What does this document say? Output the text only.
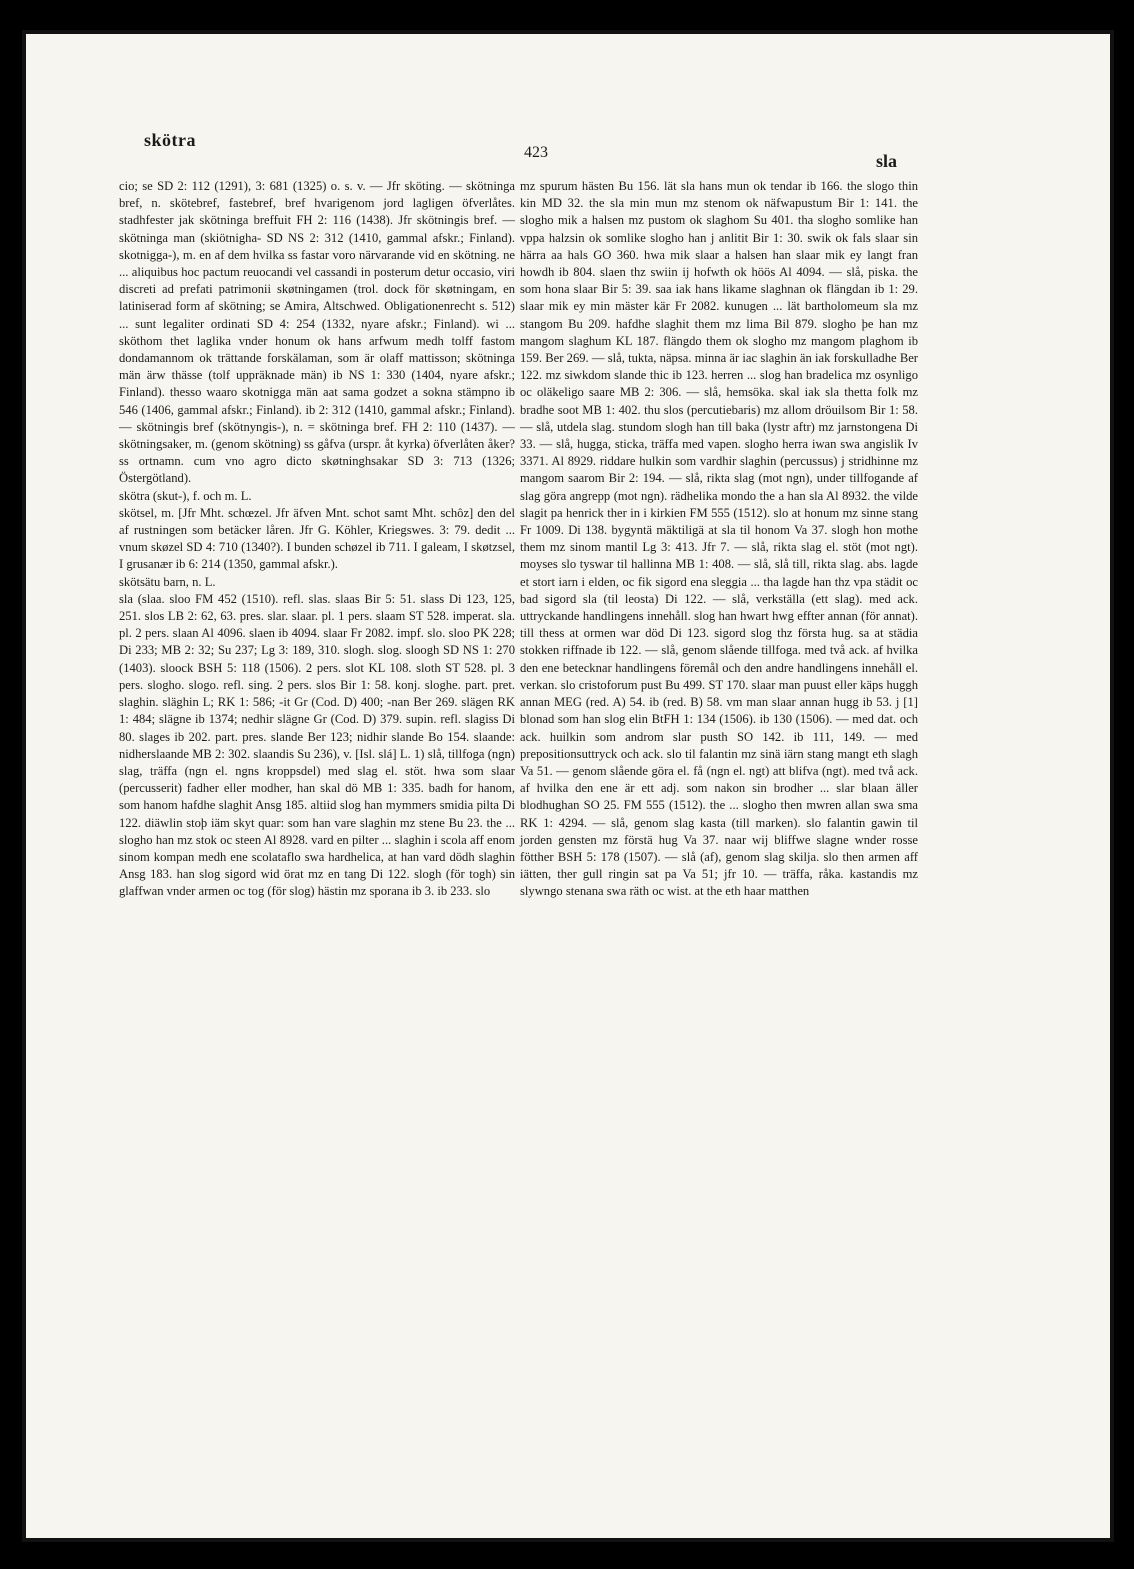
skötra
423	sla

cio; se SD 2: 112 (1291), 3: 681 (1325) o. s. v. — Jfr sköting. — skötninga bref, n. skötebref, fastebref, bref hvarigenom jord lagligen öfverlåtes. stadhfester jak skötninga breffuit FH 2: 116 (1438). Jfr skötningis bref. — skötninga man (skiötnigha- SD NS 2: 312 (1410, gammal afskr.; Finland). skotnigga-), m. en af dem hvilka ss fastar voro närvarande vid en skötning. ne ... aliquibus hoc pactum reuocandi vel cassandi in posterum detur occasio, viri discreti ad prefati patrimonii skøtningamen (trol. dock för skøtningam, en latiniserad form af skötning; se Amira, Altschwed. Obligationenrecht s. 512) ... sunt legaliter ordinati SD 4: 254 (1332, nyare afskr.; Finland). wi ... sköthom thet laglika vnder honum ok hans arfwum medh tolff fastom dondamannom ok trättande forskälaman, som är olaff mattisson; skötninga män ärw thässe (tolf uppräknade män) ib NS 1: 330 (1404, nyare afskr.; Finland). thesso waaro skotnigga män aat sama godzet a sokna stämpno ib 546 (1406, gammal afskr.; Finland). ib 2: 312 (1410, gammal afskr.; Finland). — skötningis bref (skötnyngis-), n. = skötninga bref. FH 2: 110 (1437). — skötningsaker, m. (genom skötning) ss gåfva (urspr. åt kyrka) öfverlåten åker? ss ortnamn. cum vno agro dicto skøtninghsakar SD 3: 713 (1326; Östergötland).

skötra (skut-), f. och m. L.

skötsel, m. [Jfr Mht. schœzel. Jfr äfven Mnt. schot samt Mht. schôz] den del af rustningen som betäcker låren. Jfr G. Köhler, Kriegswes. 3: 79. dedit ... vnum skøzel SD 4: 710 (1340?). I bunden schøzel ib 711. I galeam, I skøtzsel, I grusanær ib 6: 214 (1350, gammal afskr.).

skötsätu barn, n. L.

sla (slaa. sloo FM 452 (1510). refl. slas. slaas Bir 5: 51. slass Di 123, 125, 251. slos LB 2: 62, 63. pres. slar. slaar. pl. 1 pers. slaam ST 528. imperat. sla. pl. 2 pers. slaan Al 4096. slaen ib 4094. slaar Fr 2082. impf. slo. sloo PK 228; Di 233; MB 2: 32; Su 237; Lg 3: 189, 310. slogh. slog. sloogh SD NS 1: 270 (1403). sloock BSH 5: 118 (1506). 2 pers. slot KL 108. sloth ST 528. pl. 3 pers. slogho. slogo. refl. sing. 2 pers. slos Bir 1: 58. konj. sloghe. part. pret. slaghin. släghin L; RK 1: 586; -it Gr (Cod. D) 400; -nan Ber 269. slägen RK 1: 484; slägne ib 1374; nedhir slägne Gr (Cod. D) 379. supin. refl. slagiss Di 80. slages ib 202. part. pres. slande Ber 123; nidhir slande Bo 154. slaande: nidherslaande MB 2: 302. slaandis Su 236), v. [Isl. slá] L. 1) slå, tillfoga (ngn) slag, träffa (ngn el. ngns kroppsdel) med slag el. stöt. hwa som slaar (percusserit) fadher eller modher, han skal dö MB 1: 335. badh for hanom, som hanom hafdhe slaghit Ansg 185. altiid slog han mymmers smidia pilta Di 122. diäwlin stoþ iäm skyt quar: som han vare slaghin mz stene Bu 23. the ... slogho han mz stok oc steen Al 8928. vard en pilter ... slaghin i scola aff enom sinom kompan medh ene scolataflo swa hardhelica, at han vard dödh slaghin Ansg 183. han slog sigord wid örat mz en tang Di 122. slogh (för togh) sin glaffwan vnder armen oc tog (för slog) hästin mz sporana ib 3. ib 233. slo

mz spurum hästen Bu 156. lät sla hans mun ok tendar ib 166. the slogo thin kin MD 32. the sla min mun mz stenom ok näfwapustum Bir 1: 141. the slogho mik a halsen mz pustom ok slaghom Su 401. tha slogho somlike han vppa halzsin ok somlike slogho han j anlitit Bir 1: 30. swik ok fals slaar sin härra aa hals GO 360. hwa mik slaar a halsen han slaar mik ey langt fran howdh ib 804. slaen thz swiin ij hofwth ok höös Al 4094. — slå, piska. the som hona slaar Bir 5: 39. saa iak hans likame slaghnan ok flängdan ib 1: 29. slaar mik ey min mäster kär Fr 2082. kunugen ... lät bartholomeum sla mz stangom Bu 209. hafdhe slaghit them mz lima Bil 879. slogho þe han mz mangom slaghum KL 187. flängdo them ok slogho mz mangom plaghom ib 159. Ber 269. — slå, tukta, näpsa. minna är iac slaghin än iak forskulladhe Ber 122. mz siwkdom slande thic ib 123. herren ... slog han bradelica mz osynligo oc oläkeligo saare MB 2: 306. — slå, hemsöka. skal iak sla thetta folk mz bradhe soot MB 1: 402. thu slos (percutiebaris) mz allom dröuilsom Bir 1: 58. — slå, utdela slag. stundom slogh han till baka (lystr aftr) mz jarnstongena Di 33. — slå, hugga, sticka, träffa med vapen. slogho herra iwan swa angislik Iv 3371. Al 8929. riddare hulkin som vardhir slaghin (percussus) j stridhinne mz mangom saarom Bir 2: 194. — slå, rikta slag (mot ngn), under tillfogande af slag göra angrepp (mot ngn). rädhelika mondo the a han sla Al 8932. the vilde slagit pa henrick ther in i kirkien FM 555 (1512). slo at honum mz sinne stang Fr 1009. Di 138. bygyntä mäktiligä at sla til honom Va 37. slogh hon mothe them mz sinom mantil Lg 3: 413. Jfr 7. — slå, rikta slag el. stöt (mot ngt). moyses slo tyswar til hallinna MB 1: 408. — slå, slå till, rikta slag. abs. lagde et stort iarn i elden, oc fik sigord ena sleggia ... tha lagde han thz vpa städit oc bad sigord sla (til leosta) Di 122. — slå, verkställa (ett slag). med ack. uttryckande handlingens innehåll. slog han hwart hwg effter annan (för annat). till thess at ormen war död Di 123. sigord slog thz första hug. sa at städia stokken riffnade ib 122. — slå, genom slående tillfoga. med två ack. af hvilka den ene betecknar handlingens föremål och den andre handlingens innehåll el. verkan. slo cristoforum pust Bu 499. ST 170. slaar man puust eller käps huggh annan MEG (red. A) 54. ib (red. B) 58. vm man slaar annan hugg ib 53. j [1] blonad som han slog elin BtFH 1: 134 (1506). ib 130 (1506). — med dat. och ack. huilkin som androm slar pusth SO 142. ib 111, 149. — med prepositionsuttryck och ack. slo til falantin mz sinä iärn stang mangt eth slagh Va 51. — genom slående göra el. få (ngn el. ngt) att blifva (ngt). med två ack. af hvilka den ene är ett adj. som nakon sin brodher ... slar blaan äller blodhughan SO 25. FM 555 (1512). the ... slogho then mwren allan swa sma RK 1: 4294. — slå, genom slag kasta (till marken). slo falantin gawin til jorden gensten mz förstä hug Va 37. naar wij bliffwe slagne wnder rosse fötther BSH 5: 178 (1507). — slå (af), genom slag skilja. slo then armen aff iätten, ther gull ringin sat pa Va 51; jfr 10. — träffa, råka. kastandis mz slywngo stenana swa räth oc wist. at the eth haar matthen
